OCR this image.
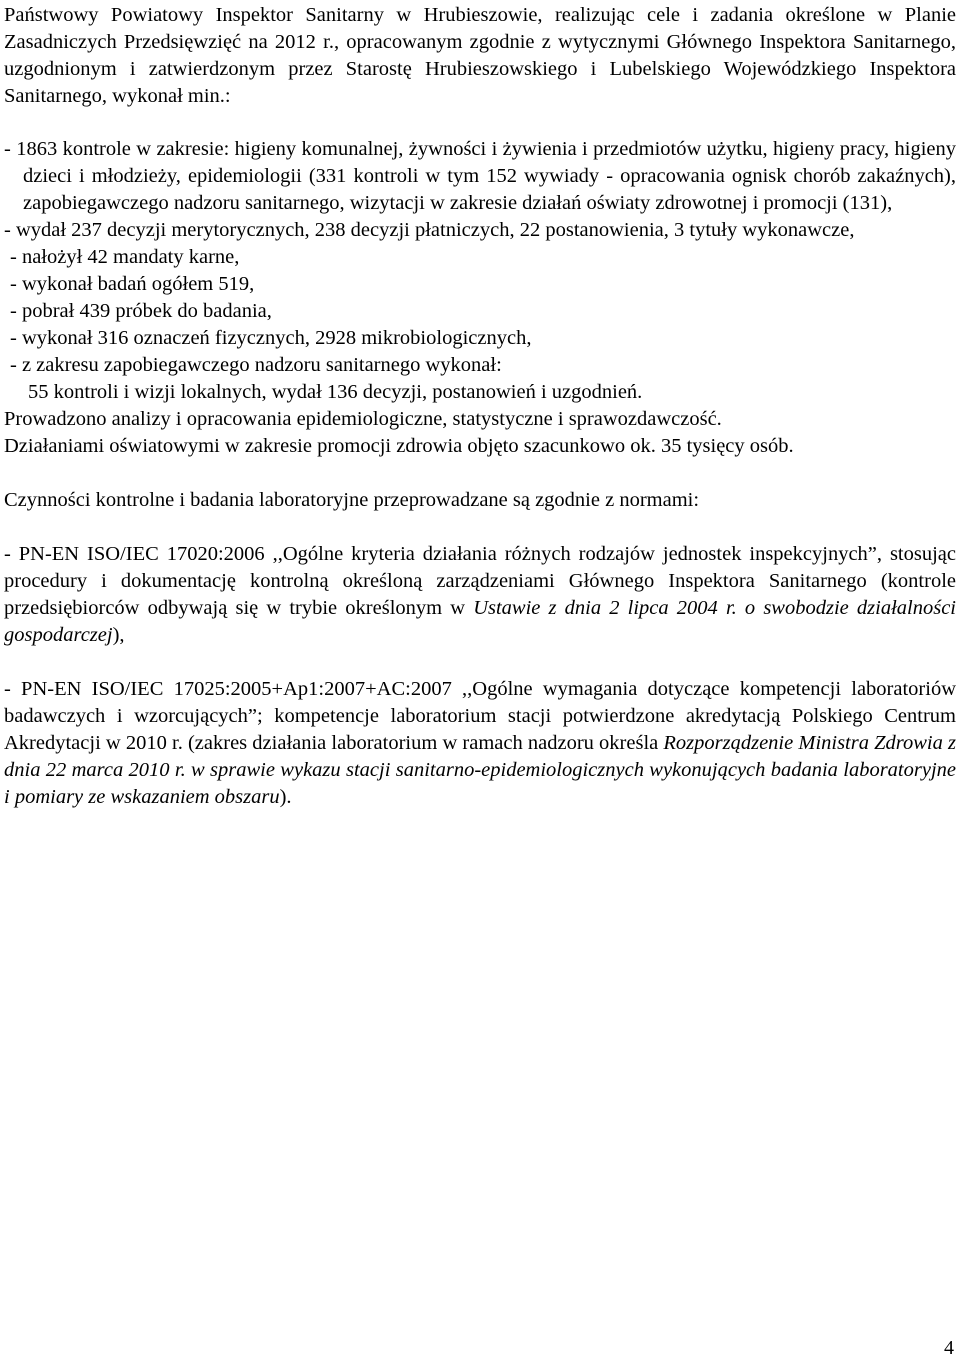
Państwowy Powiatowy Inspektor Sanitarny w Hrubieszowie, realizując cele i zadania określone w Planie Zasadniczych Przedsięwzięć na 2012 r., opracowanym zgodnie z wytycznymi Głównego Inspektora Sanitarnego, uzgodnionym i zatwierdzonym przez Starostę Hrubieszowskiego i Lubelskiego Wojewódzkiego Inspektora Sanitarnego, wykonał min.:

- 1863 kontrole w zakresie: higieny komunalnej, żywności i żywienia i przedmiotów użytku, higieny pracy, higieny dzieci i młodzieży, epidemiologii (331 kontroli w tym 152 wywiady - opracowania ognisk chorób zakaźnych), zapobiegawczego nadzoru sanitarnego, wizytacji w zakresie działań oświaty zdrowotnej i promocji (131),

- wydał 237 decyzji merytorycznych, 238 decyzji płatniczych, 22 postanowienia, 3 tytuły wykonawcze,

- nałożył 42 mandaty karne,

- wykonał badań ogółem 519,

- pobrał 439 próbek do badania,

- wykonał 316 oznaczeń fizycznych, 2928 mikrobiologicznych,

- z zakresu zapobiegawczego nadzoru sanitarnego wykonał:

55 kontroli i wizji lokalnych, wydał 136 decyzji, postanowień i uzgodnień.

Prowadzono analizy i opracowania epidemiologiczne, statystyczne i sprawozdawczość.

Działaniami oświatowymi w zakresie promocji zdrowia objęto szacunkowo ok. 35 tysięcy osób.

Czynności kontrolne i badania laboratoryjne przeprowadzane są zgodnie z normami:

- PN-EN ISO/IEC 17020:2006 ,,Ogólne kryteria działania różnych rodzajów jednostek inspekcyjnych”, stosując procedury i dokumentację kontrolną określoną zarządzeniami Głównego Inspektora Sanitarnego (kontrole przedsiębiorców odbywają się w trybie określonym w Ustawie z dnia 2 lipca 2004 r. o swobodzie działalności gospodarczej),

- PN-EN ISO/IEC 17025:2005+Ap1:2007+AC:2007 ,,Ogólne wymagania dotyczące kompetencji laboratoriów badawczych i wzorcujących”; kompetencje laboratorium stacji potwierdzone akredytacją Polskiego Centrum Akredytacji w 2010 r. (zakres działania laboratorium w ramach nadzoru określa Rozporządzenie Ministra Zdrowia z dnia 22 marca 2010 r. w sprawie wykazu stacji sanitarno-epidemiologicznych wykonujących badania laboratoryjne i pomiary ze wskazaniem obszaru).

4
